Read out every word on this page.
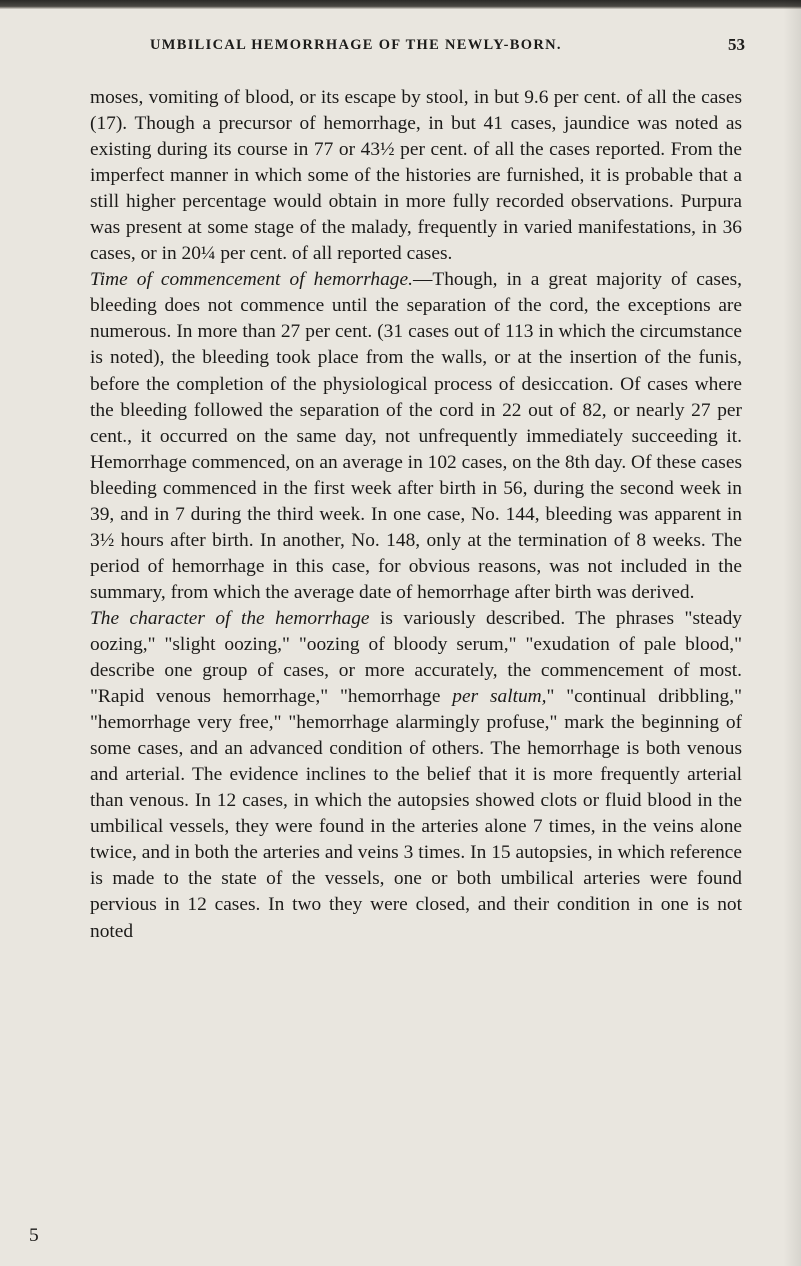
UMBILICAL HEMORRHAGE OF THE NEWLY-BORN.	53

moses, vomiting of blood, or its escape by stool, in but 9.6 per cent. of all the cases (17). Though a precursor of hemorrhage, in but 41 cases, jaundice was noted as existing during its course in 77 or 43½ per cent. of all the cases reported. From the imperfect manner in which some of the histories are furnished, it is probable that a still higher percentage would obtain in more fully recorded observations. Purpura was present at some stage of the malady, frequently in varied manifestations, in 36 cases, or in 20¼ per cent. of all reported cases.

Time of commencement of hemorrhage.—Though, in a great majority of cases, bleeding does not commence until the separation of the cord, the exceptions are numerous. In more than 27 per cent. (31 cases out of 113 in which the circumstance is noted), the bleeding took place from the walls, or at the insertion of the funis, before the completion of the physiological process of desiccation. Of cases where the bleeding followed the separation of the cord in 22 out of 82, or nearly 27 per cent., it occurred on the same day, not unfrequently immediately succeeding it. Hemorrhage commenced, on an average in 102 cases, on the 8th day. Of these cases bleeding commenced in the first week after birth in 56, during the second week in 39, and in 7 during the third week. In one case, No. 144, bleeding was apparent in 3½ hours after birth. In another, No. 148, only at the termination of 8 weeks. The period of hemorrhage in this case, for obvious reasons, was not included in the summary, from which the average date of hemorrhage after birth was derived.

The character of the hemorrhage is variously described. The phrases "steady oozing," "slight oozing," "oozing of bloody serum," "exudation of pale blood," describe one group of cases, or more accurately, the commencement of most. "Rapid venous hemorrhage," "hemorrhage per saltum," "continual dribbling," "hemorrhage very free," "hemorrhage alarmingly profuse," mark the beginning of some cases, and an advanced condition of others. The hemorrhage is both venous and arterial. The evidence inclines to the belief that it is more frequently arterial than venous. In 12 cases, in which the autopsies showed clots or fluid blood in the umbilical vessels, they were found in the arteries alone 7 times, in the veins alone twice, and in both the arteries and veins 3 times. In 15 autopsies, in which reference is made to the state of the vessels, one or both umbilical arteries were found pervious in 12 cases. In two they were closed, and their condition in one is not noted

5
